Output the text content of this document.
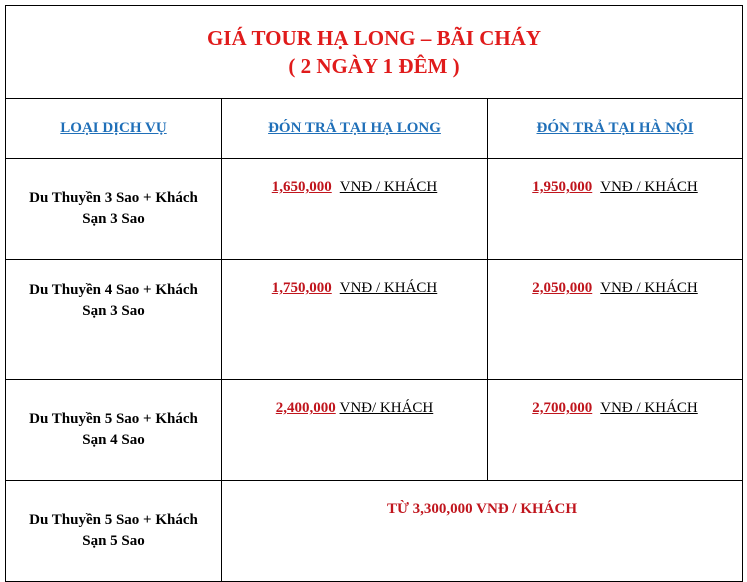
GIÁ TOUR HẠ LONG – BÃI CHÁY
( 2 NGÀY 1 ĐÊM )		

LOẠI DỊCH VỤ	ĐÓN TRẢ TẠI HẠ LONG	ĐÓN TRẢ TẠI HÀ NỘI

Du Thuyền 3 Sao + Khách
Sạn 3 Sao	1,650,000 VNĐ / KHÁCH	1,950,000 VNĐ / KHÁCH

Du Thuyền 4 Sao + Khách
Sạn 3 Sao	1,750,000 VNĐ / KHÁCH	2,050,000 VNĐ / KHÁCH

Du Thuyền 5 Sao + Khách
Sạn 4 Sao	2,400,000 VNĐ/ KHÁCH	2,700,000 VNĐ / KHÁCH

Du Thuyền 5 Sao + Khách
Sạn 5 Sao	TỪ 3,300,000 VNĐ / KHÁCH	
